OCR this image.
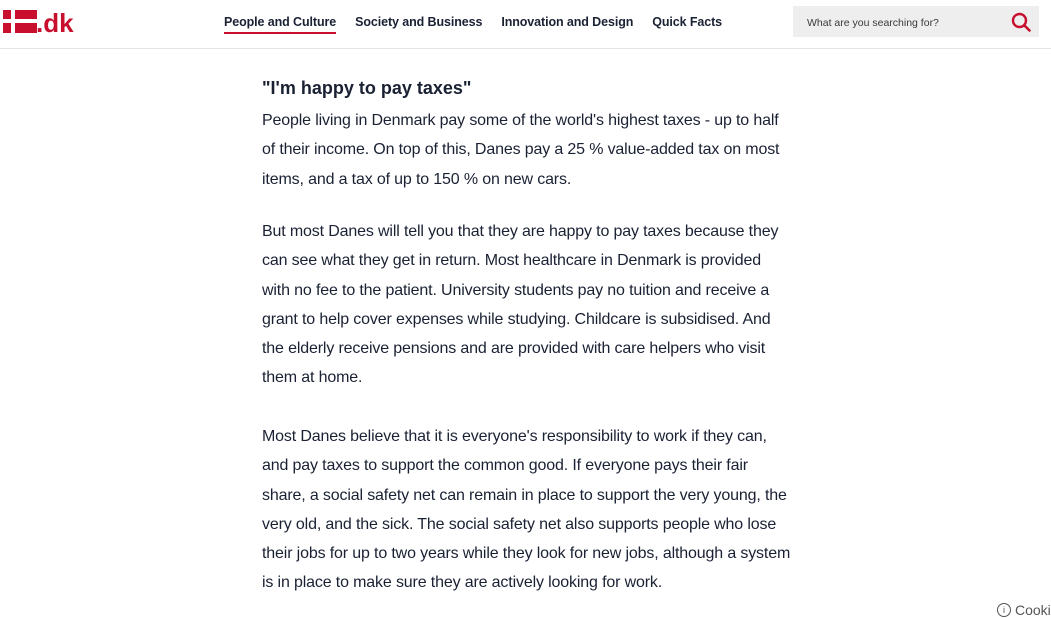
.dk	People and Culture Society and Business Innovation and Design Quick Facts
What are you searching for?
"I'm happy to pay taxes"

People living in Denmark pay some of the world's highest taxes - up to half of their income. On top of this, Danes pay a 25 % value-added tax on most items, and a tax of up to 150 % on new cars.

But most Danes will tell you that they are happy to pay taxes because they can see what they get in return. Most healthcare in Denmark is provided with no fee to the patient. University students pay no tuition and receive a grant to help cover expenses while studying. Childcare is subsidised. And the elderly receive pensions and are provided with care helpers who visit them at home.

Most Danes believe that it is everyone's responsibility to work if they can, and pay taxes to support the common good. If everyone pays their fair share, a social safety net can remain in place to support the very young, the very old, and the sick. The social safety net also supports people who lose their jobs for up to two years while they look for new jobs, although a system is in place to make sure they are actively looking for work.

i Cooki
